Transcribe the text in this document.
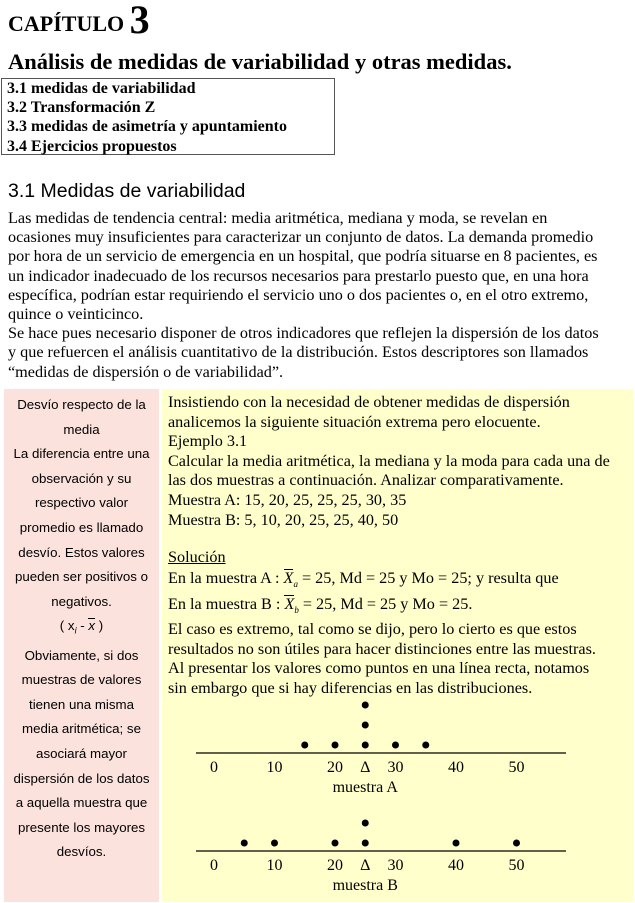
CAPÍTULO 3
Análisis de medidas de variabilidad y otras medidas.
3.1 medidas de variabilidad
3.2 Transformación Z
3.3 medidas de asimetría y apuntamiento
3.4 Ejercicios propuestos
3.1 Medidas de variabilidad

Las medidas de tendencia central: media aritmética, mediana y moda, se revelan en

ocasiones muy insuficientes para caracterizar un conjunto de datos. La demanda promedio

por hora de un servicio de emergencia en un hospital, que podría situarse en 8 pacientes, es

un indicador inadecuado de los recursos necesarios para prestarlo puesto que, en una hora

específica, podrían estar requiriendo el servicio uno o dos pacientes o, en el otro extremo,

quince o veinticinco.

Se hace pues necesario disponer de otros indicadores que reflejen la dispersión de los datos

y que refuercen el análisis cuantitativo de la distribución. Estos descriptores son llamados

“medidas de dispersión o de variabilidad”.

Desvío respecto de la
media
La diferencia entre una
observación y su
respectivo valor
promedio es llamado
desvío. Estos valores
pueden ser positivos o
negativos.
( $x_i$ - x )
Obviamente, si dos
muestras de valores
tienen una misma
media aritmética; se
asociará mayor
dispersión de los datos
a aquella muestra que
presente los mayores
desvíos.
Insistiendo con la necesidad de obtener medidas de dispersión
analicemos la siguiente situación extrema pero elocuente.
Ejemplo 3.1
Calcular la media aritmética, la mediana y la moda para cada una de
las dos muestras a continuación. Analizar comparativamente.
Muestra A: 15, 20, 25, 25, 25, 30, 35
Muestra B: 5, 10, 20, 25, 25, 40, 50
Solución
En la muestra A : $X_a = 25$, Md = 25 y Mo = 25; y resulta que
En la muestra B : $X_b = 25$, Md = 25 y Mo = 25.
El caso es extremo, tal como se dijo, pero lo cierto es que estos
resultados no son útiles para hacer distinciones entre las muestras.
Al presentar los valores como puntos en una línea recta, notamos
sin embargo que si hay diferencias en las distribuciones.
0	10	20 Δ 30	40	50
muestra A
0	10	20 Δ 30	40	50
muestra B
